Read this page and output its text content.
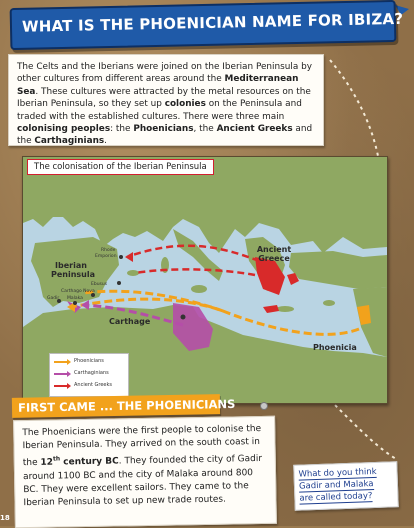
WHAT IS THE PHOENICIAN NAME FOR IBIZA?
The Celts and the Iberians were joined on the Iberian Peninsula by other cultures from different areas around the Mediterranean Sea. These cultures were attracted by the metal resources on the Iberian Peninsula, so they set up colonies on the Peninsula and traded with the established cultures. There were three main colonising peoples: the Phoenicians, the Ancient Greeks and the Carthaginians.
The colonisation of the Iberian Peninsula
Iberian Peninsula
Ancient Greece
Carthage
Phoenicia
Rhode
Emporion
Ebusus
Carthago Nova
Gadir Malaka
Phoenicians
Carthaginians
Ancient Greeks
FIRST CAME ... THE PHOENICIANS
The Phoenicians were the first people to colonise the Iberian Peninsula. They arrived on the south coast in the 12th century BC. They founded the city of Gadir around 1100 BC and the city of Malaka around 800 BC. They were excellent sailors. They came to the Iberian Peninsula to set up new trade routes.
What do you think
Gadir and Malaka
are called today?
18
